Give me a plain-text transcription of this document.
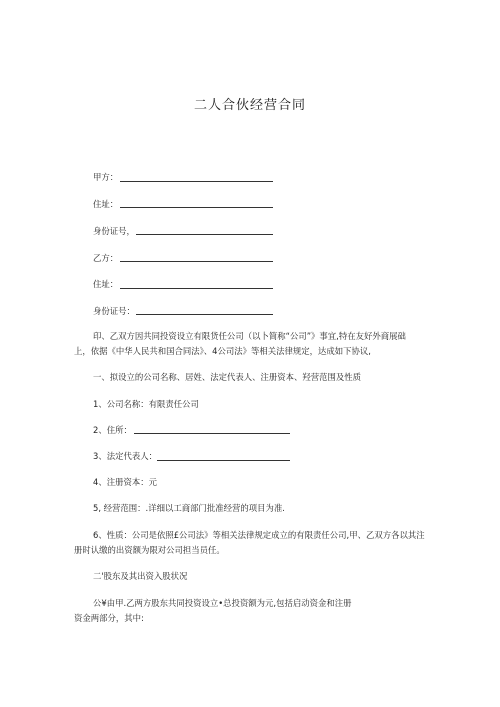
二人合伙经营合同
甲方：
住址：
身份证号，
乙方：
住址：
身份证号：
印、乙双方因共同投资设立有限货任公司（以卜简称“公司”》事宜,特在友好外商展础
上，依据《中华人民共和国合同法》、4公司法》等相关法律规定，达成如下协议,
一、拟设立的公司名称、居姓、法定代表人、注册资本、羟营范围及性质
1、公司名称：有限责任公司
2、住所：
3、法定代表人：
4、注册资本：元
5, 经营范围：.详细以工商部门批准经营的项目为准.
6、性质：公司是依照£公司法》等相关法律规定成立的有限责任公司,甲、乙双方各以其注
册时认缴的出资额为限对公司担当员任。
二'股东及其出资入股状况
公¥由甲.乙两方股东共同投资设立•总投资额为元,包括启动资金和注册
资金两部分，其中:
